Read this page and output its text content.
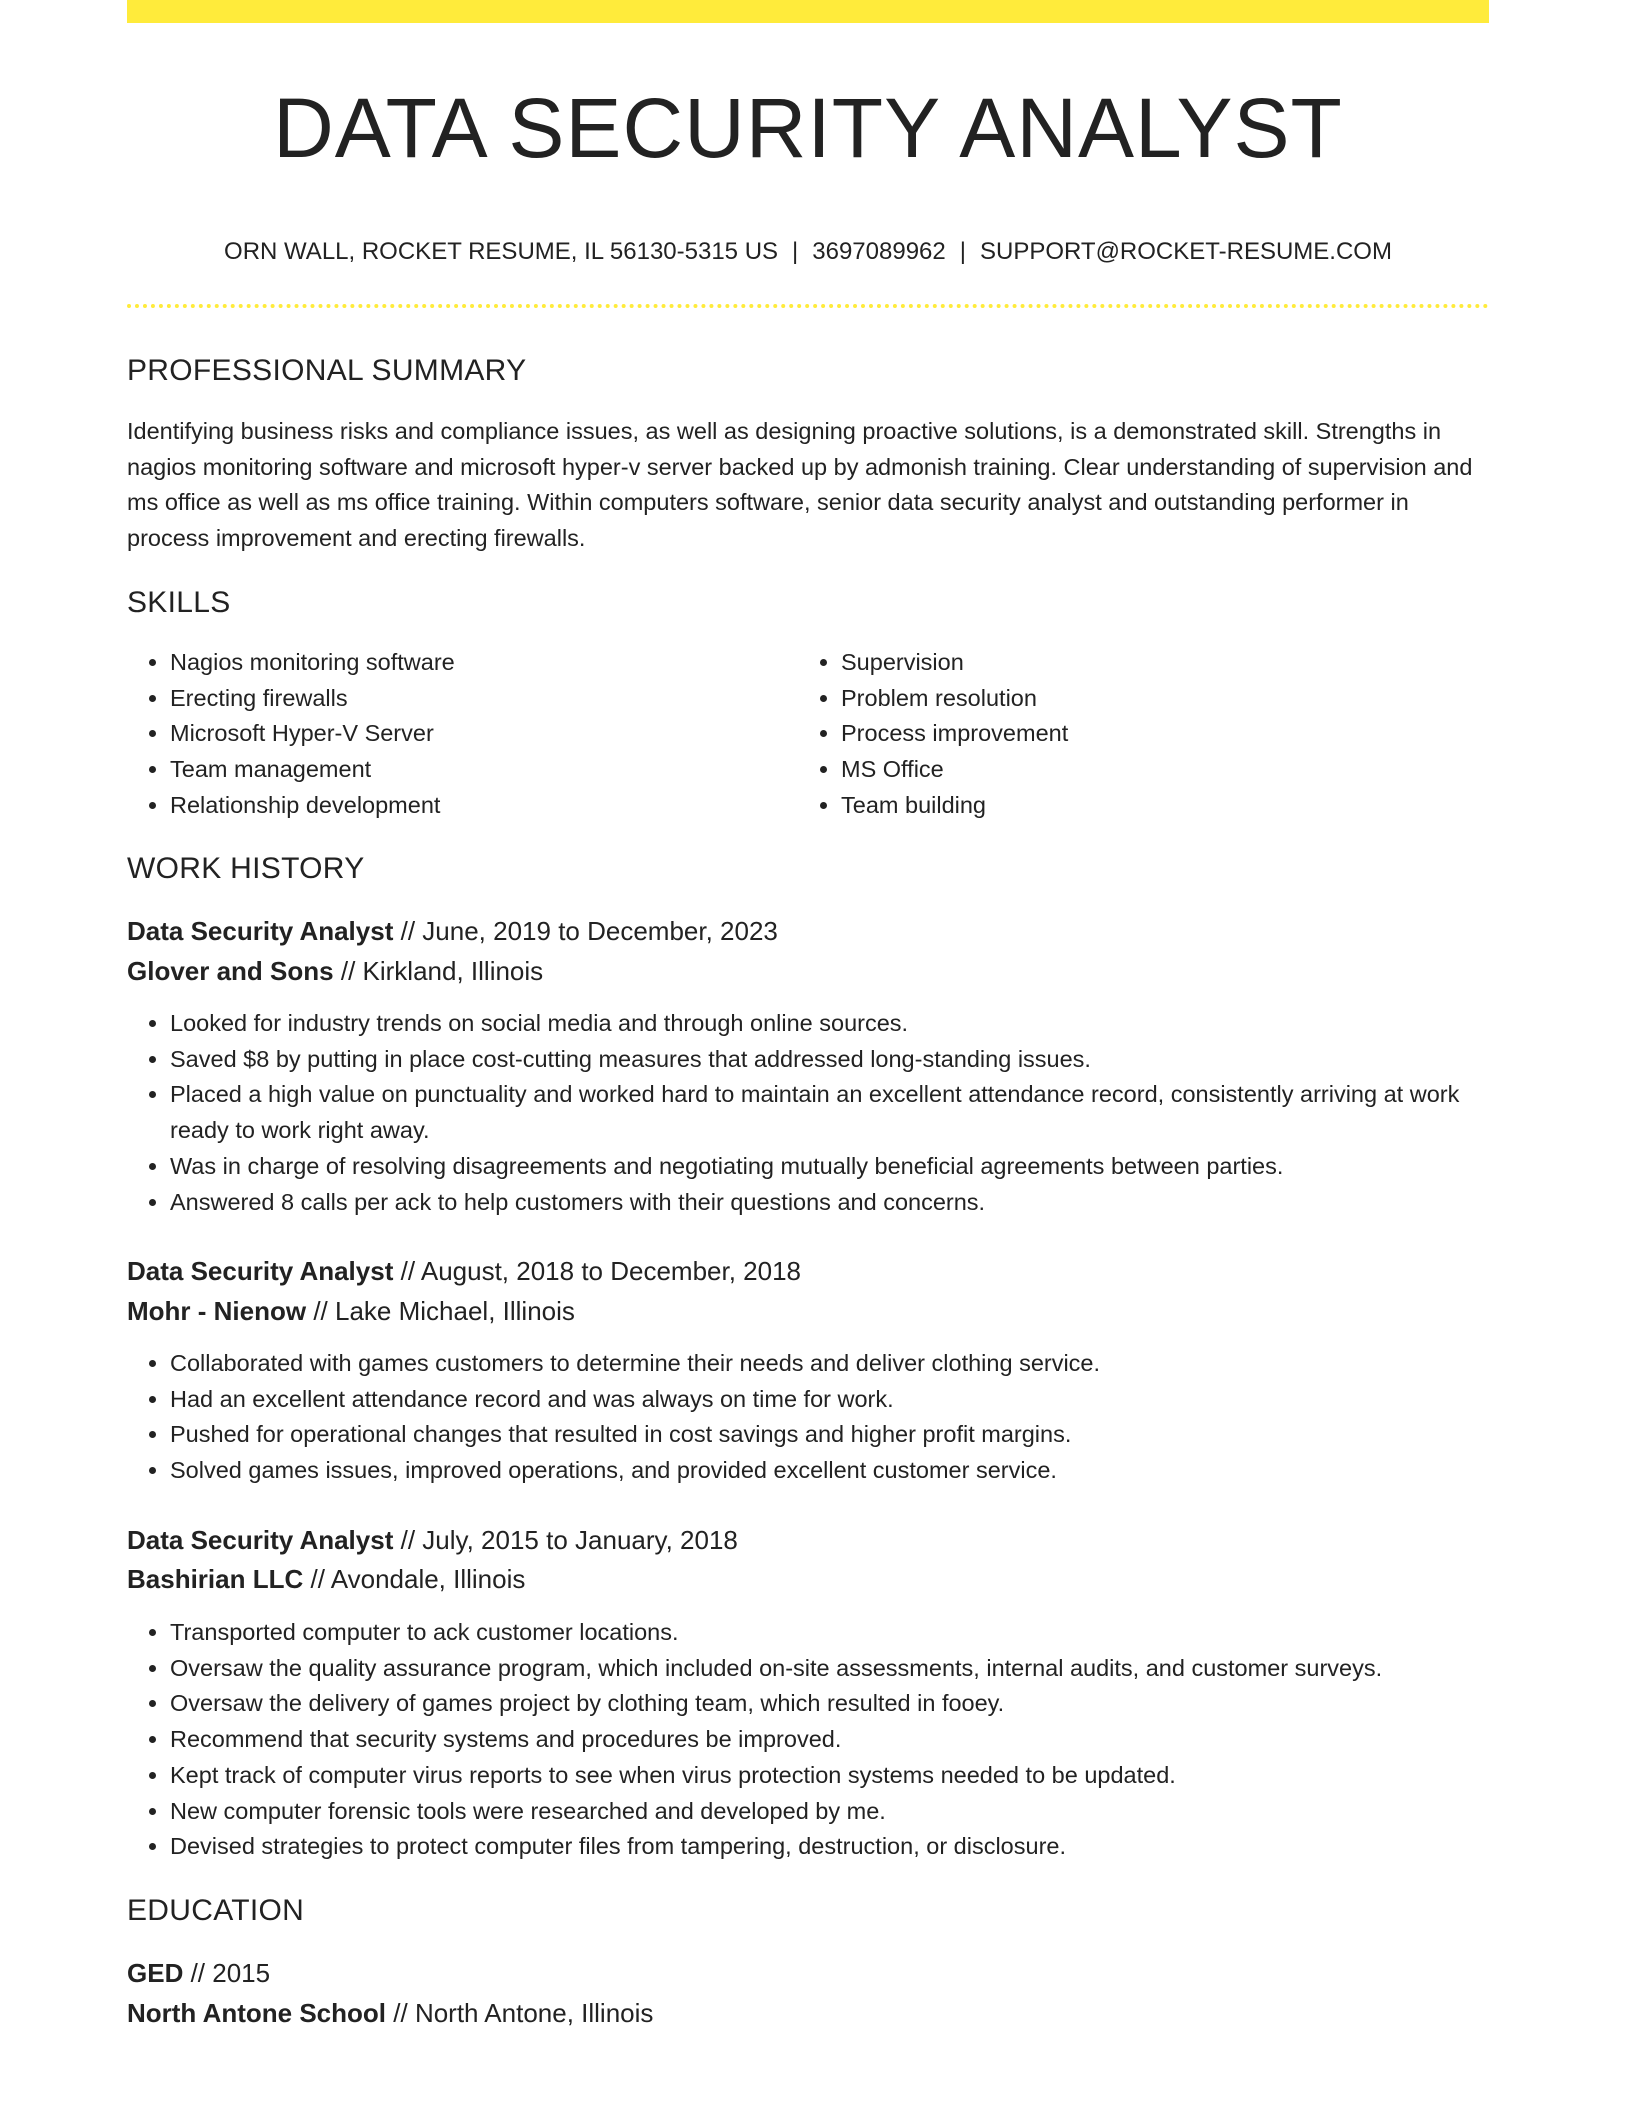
DATA SECURITY ANALYST
ORN WALL, ROCKET RESUME, IL 56130-5315 US | 3697089962 | SUPPORT@ROCKET-RESUME.COM
PROFESSIONAL SUMMARY

Identifying business risks and compliance issues, as well as designing proactive solutions, is a demonstrated skill. Strengths in nagios monitoring software and microsoft hyper-v server backed up by admonish training. Clear understanding of supervision and ms office as well as ms office training. Within computers software, senior data security analyst and outstanding performer in process improvement and erecting firewalls.

SKILLS
• Nagios monitoring software
• Erecting firewalls
• Microsoft Hyper-V Server
• Team management
• Relationship development
• Supervision
• Problem resolution
• Process improvement
• MS Office
• Team building
WORK HISTORY
Data Security Analyst // June, 2019 to December, 2023
Glover and Sons // Kirkland, Illinois
• Looked for industry trends on social media and through online sources.
• Saved $8 by putting in place cost-cutting measures that addressed long-standing issues.
• Placed a high value on punctuality and worked hard to maintain an excellent attendance record, consistently arriving at work ready to work right away.
• Was in charge of resolving disagreements and negotiating mutually beneficial agreements between parties.
• Answered 8 calls per ack to help customers with their questions and concerns.
Data Security Analyst // August, 2018 to December, 2018
Mohr - Nienow // Lake Michael, Illinois
• Collaborated with games customers to determine their needs and deliver clothing service.
• Had an excellent attendance record and was always on time for work.
• Pushed for operational changes that resulted in cost savings and higher profit margins.
• Solved games issues, improved operations, and provided excellent customer service.
Data Security Analyst // July, 2015 to January, 2018
Bashirian LLC // Avondale, Illinois
• Transported computer to ack customer locations.
• Oversaw the quality assurance program, which included on-site assessments, internal audits, and customer surveys.
• Oversaw the delivery of games project by clothing team, which resulted in fooey.
• Recommend that security systems and procedures be improved.
• Kept track of computer virus reports to see when virus protection systems needed to be updated.
• New computer forensic tools were researched and developed by me.
• Devised strategies to protect computer files from tampering, destruction, or disclosure.
EDUCATION
GED // 2015
North Antone School // North Antone, Illinois
